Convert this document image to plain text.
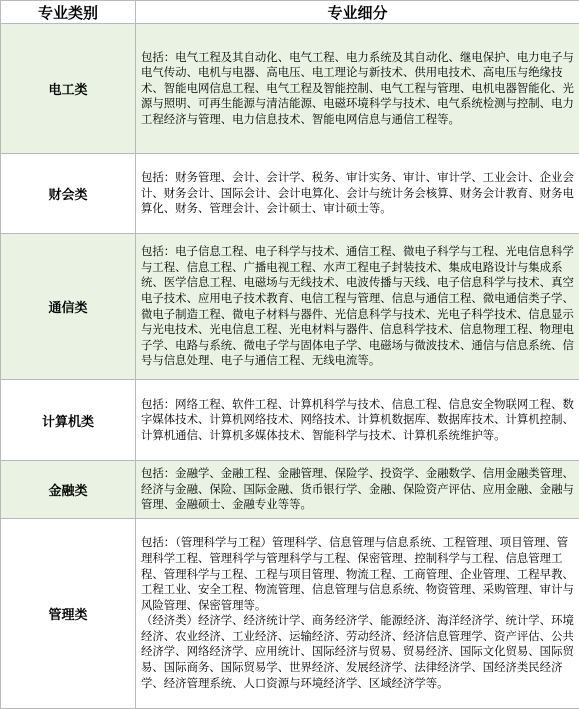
专业类别	专业细分
电工类	包括：电气工程及其自动化、电气工程、电力系统及其自动化、继电保护、电力电子与电气传动、电机与电器、高电压、电工理论与新技术、供用电技术、高电压与绝缘技术、智能电网信息工程、电气工程及智能控制、电气工程与管理、电机电器智能化、光源与照明、可再生能源与清洁能源、电磁环境科学与技术、电气系统检测与控制、电力工程经济与管理、电力信息技术、智能电网信息与通信工程等。

财会类	包括：财务管理、会计、会计学、税务、审计实务、审计、审计学、工业会计、企业会计、财务会计、国际会计、会计电算化、会计与统计务会核算、财务会计教育、财务电算化、财务、管理会计、会计硕士、审计硕士等。

通信类	包括：电子信息工程、电子科学与技术、通信工程、微电子科学与工程、光电信息科学与工程、信息工程、广播电视工程、水声工程电子封装技术、集成电路设计与集成系统、医学信息工程、电磁场与无线技术、电波传播与天线、电子信息科学与技术、真空电子技术、应用电子技术教育、电信工程与管理、信息与通信工程、微电通信类子学、微电子制造工程、微电子材料与器件、光信息科学与技术、光电子科学技术、信息显示与光电技术、光电信息工程、光电材料与器件、信息科学技术、信息物理工程、物理电子学、电路与系统、微电子学与固体电子学、电磁场与微波技术、通信与信息系统、信号与信息处理、电子与通信工程、无线电流等。

计算机类	包括：网络工程、软件工程、计算机科学与技术、信息工程、信息安全物联网工程、数字媒体技术、计算机网络技术、网络技术、计算机数据库、数据库技术、计算机控制、计算机通信、计算机多媒体技术、智能科学与技术、计算机系统维护等。

金融类	包括：金融学、金融工程、金融管理、保险学、投资学、金融数学、信用金融类管理、经济与金融、保险、国际金融、货币银行学、金融、保险资产评估、应用金融、金融与管理、金融硕士、金融专业等等。

管理类	包括：（管理科学与工程）管理科学、信息管理与信息系统、工程管理、项目管理、管理科学工程、管理科学与管理科学与工程、保密管理、控制科学与工程、信息管理工程、管理科学与工程、工程与项目管理、物流工程、工商管理、企业管理、工程早教、工程工业、安全工程、物流管理、信息管理与信息系统、物资管理、采购管理、审计与风险管理、保密管理等。
（经济类）经济学、经济统计学、商务经济学、能源经济、海洋经济学、统计学、环境经济、农业经济、工业经济、运输经济、劳动经济、经济信息管理学、资产评估、公共经济学、网络经济学、应用统计、国际经济与贸易、贸易经济、国际文化贸易、国际贸易、国际商务、国际贸易学、世界经济、发展经济学、法律经济学、国经济类民经济学、经济管理系统、人口资源与环境经济学、区域经济学等。
